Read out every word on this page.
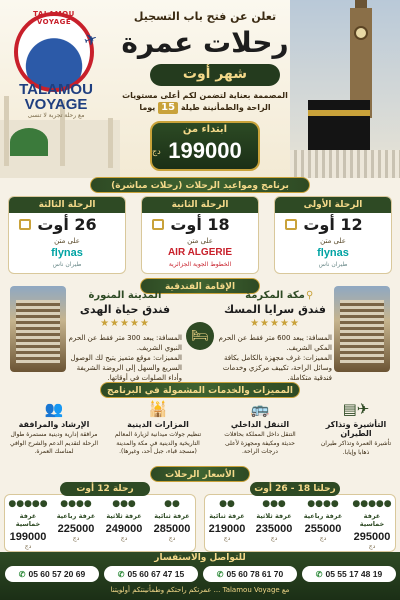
TALAMOU VOYAGE
✈
TALAMOU
VOYAGE
مع رحلة تجربة لا تنسى
تعلن عن فتح باب التسجيل
رحلات عمرة
شهر أوت
المصممة بعناية لتضمن لكم أعلى مستويات
الراحة والطمأنينة طيلة 15 يوما
ابتداء من
199000
دج
برنامج ومواعيد الرحلات (رحلات مباشرة)
الرحلة الأولى
12 أوت
على متن
flynas
طيران ناس
الرحلة الثانية
18 أوت
على متن
AIR ALGERIE
الخطوط الجوية الجزائرية
الرحلة الثالثة
26 أوت
على متن
flynas
طيران ناس
الإقامة الفندقية
⚲
مكة المكرمة
فندق سرايا المسك
★★★★★
المسافة: يبعد 600 متر فقط عن الحرم المكي الشريف.
المميزات: غرف مجهزة بالكامل بكافة وسائل الراحة، تكييف مركزي وخدمات فندقية متكاملة.
🛏
المدينة المنورة
فندق حياة الهدى
★★★★★
المسافة: يبعد 300 متر فقط عن الحرم النبوي الشريف.
المميزات: موقع متميز يتيح لك الوصول السريع والسهل إلى الروضة الشريفة وأداء الصلوات في أوقاتها.
المميزات والخدمات المشمولة في البرنامج
✈▤
التأشيرة وتذاكر الطيران
تأشيرة العمرة وتذاكر طيران ذهابا وإيابا.
🚌
التنقل الداخلي
التنقل داخل المملكة بحافلات حديثة ومكيفة ومجهزة لأعلى درجات الراحة.
🕌
المزارات الدينية
تنظيم جولات ميدانية لزيارة المعالم التاريخية والدينية في مكة والمدينة (مسجد قباء، جبل أحد، وغيرها).
👥
الإرشاد والمرافقة
مرافقة إدارية ودينية مستمرة طوال الرحلة لتقديم الدعم والشرح الوافي لمناسك العمرة.
الأسعار الرحلات
رحلتا 18 - 26 أوت
رحلة 12 أوت
●●●●●
غرفة خماسية
295000
دج
●●●●
غرفة رباعية
255000
دج
●●●
غرفة ثلاثية
235000
دج
●●
غرفة ثنائية
219000
دج
●●
غرفة ثنائية
285000
دج
●●●
غرفة ثلاثية
249000
دج
●●●●
غرفة رباعية
225000
دج
●●●●●
غرفة خماسية
199000
دج
للتواصل والاستفسار
✆ 05 55 17 48 19
✆ 05 60 78 61 70
✆ 05 60 67 47 15
✆ 05 60 57 20 69
مع Talamou Voyage ... عمرتكم راحتكم وطمأنينتكم أولويتنا
